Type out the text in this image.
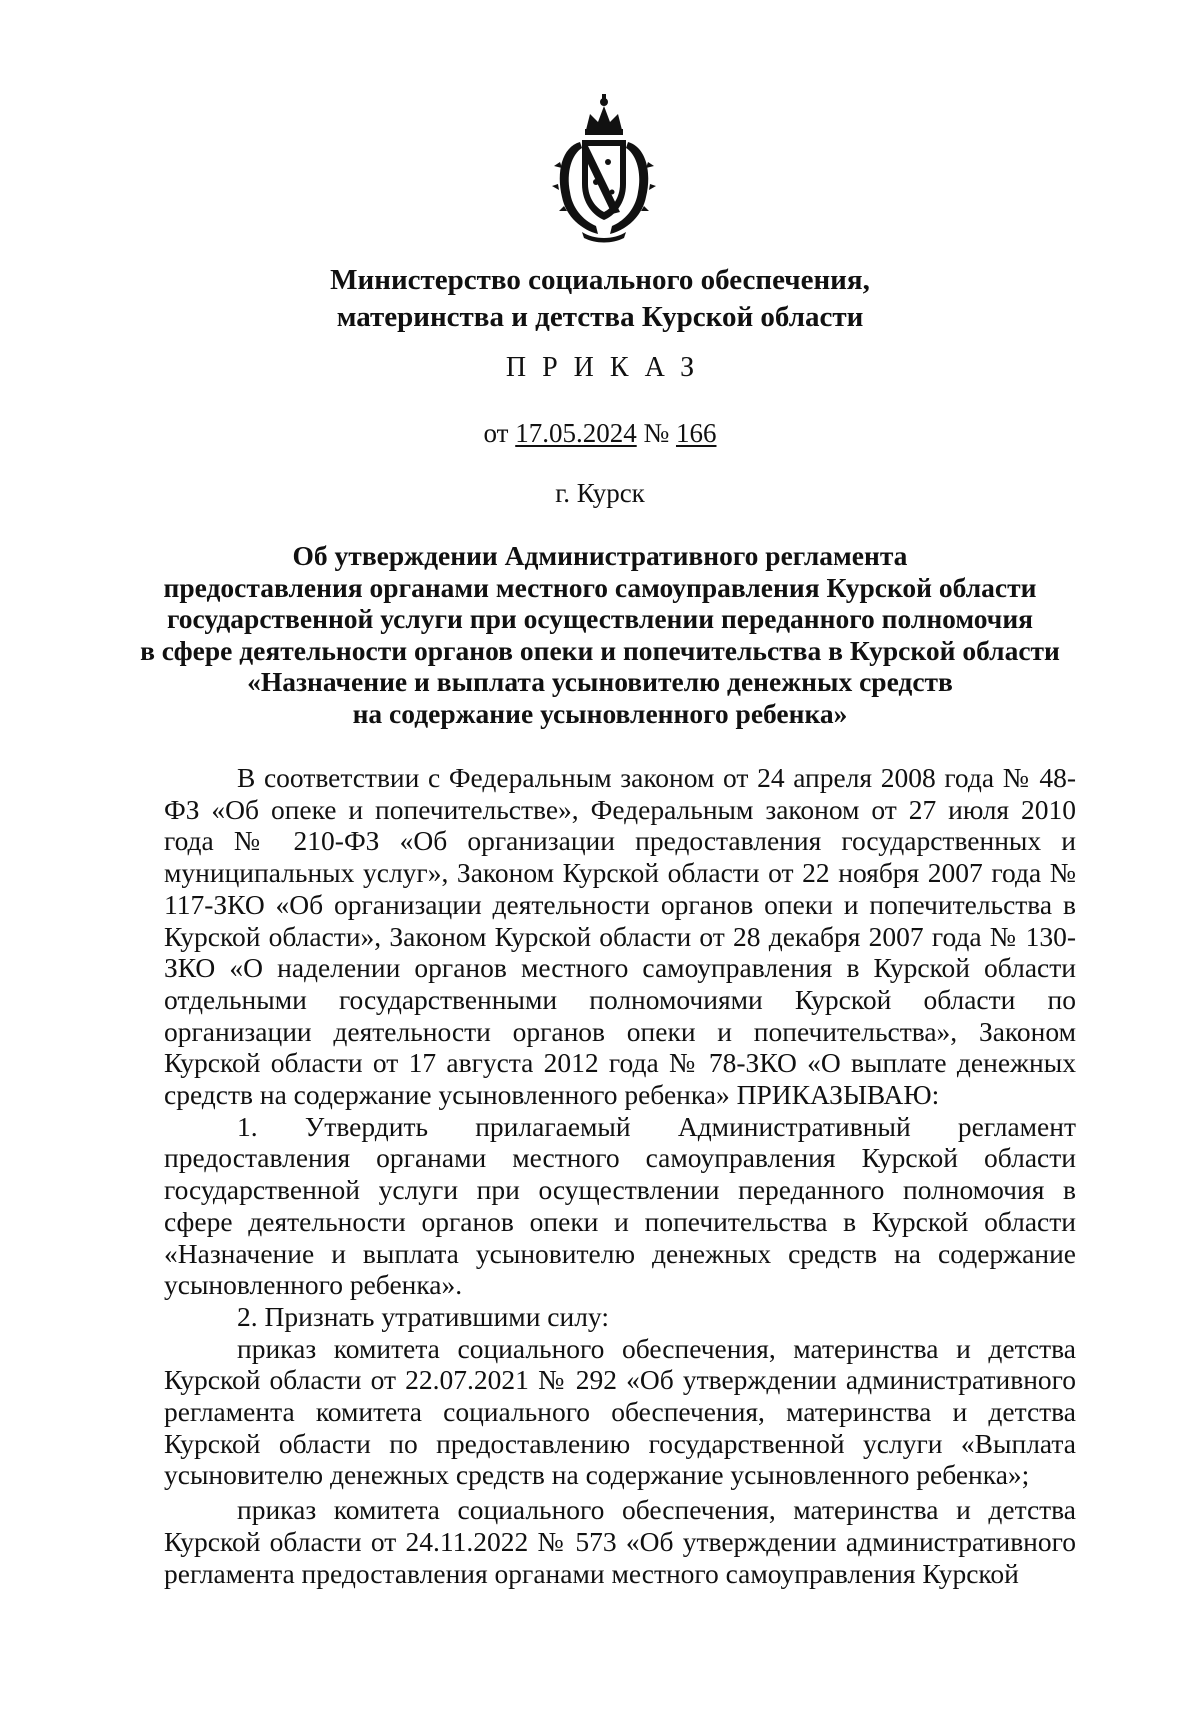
Министерство социального обеспечения,
материнства и детства Курской области
ПРИКАЗ
от 17.05.2024 № 166
г. Курск
Об утверждении Административного регламента
предоставления органами местного самоуправления Курской области
государственной услуги при осуществлении переданного полномочия
в сфере деятельности органов опеки и попечительства в Курской области
«Назначение и выплата усыновителю денежных средств
на содержание усыновленного ребенка»

В соответствии с Федеральным законом от 24 апреля 2008 года № 48-ФЗ «Об опеке и попечительстве», Федеральным законом от 27 июля 2010 года № 210-ФЗ «Об организации предоставления государственных и муниципальных услуг», Законом Курской области от 22 ноября 2007 года № 117-ЗКО «Об организации деятельности органов опеки и попечительства в Курской области», Законом Курской области от 28 декабря 2007 года № 130-ЗКО «О наделении органов местного самоуправления в Курской области отдельными государственными полномочиями Курской области по организации деятельности органов опеки и попечительства», Законом Курской области от 17 августа 2012 года № 78-ЗКО «О выплате денежных средств на содержание усыновленного ребенка» ПРИКАЗЫВАЮ:

1. Утвердить прилагаемый Административный регламент предоставления органами местного самоуправления Курской области государственной услуги при осуществлении переданного полномочия в сфере деятельности органов опеки и попечительства в Курской области «Назначение и выплата усыновителю денежных средств на содержание усыновленного ребенка».

2. Признать утратившими силу:

приказ комитета социального обеспечения, материнства и детства Курской области от 22.07.2021 № 292 «Об утверждении административного регламента комитета социального обеспечения, материнства и детства Курской области по предоставлению государственной услуги «Выплата усыновителю денежных средств на содержание усыновленного ребенка»;

приказ комитета социального обеспечения, материнства и детства Курской области от 24.11.2022 № 573 «Об утверждении административного регламента предоставления органами местного самоуправления Курской
